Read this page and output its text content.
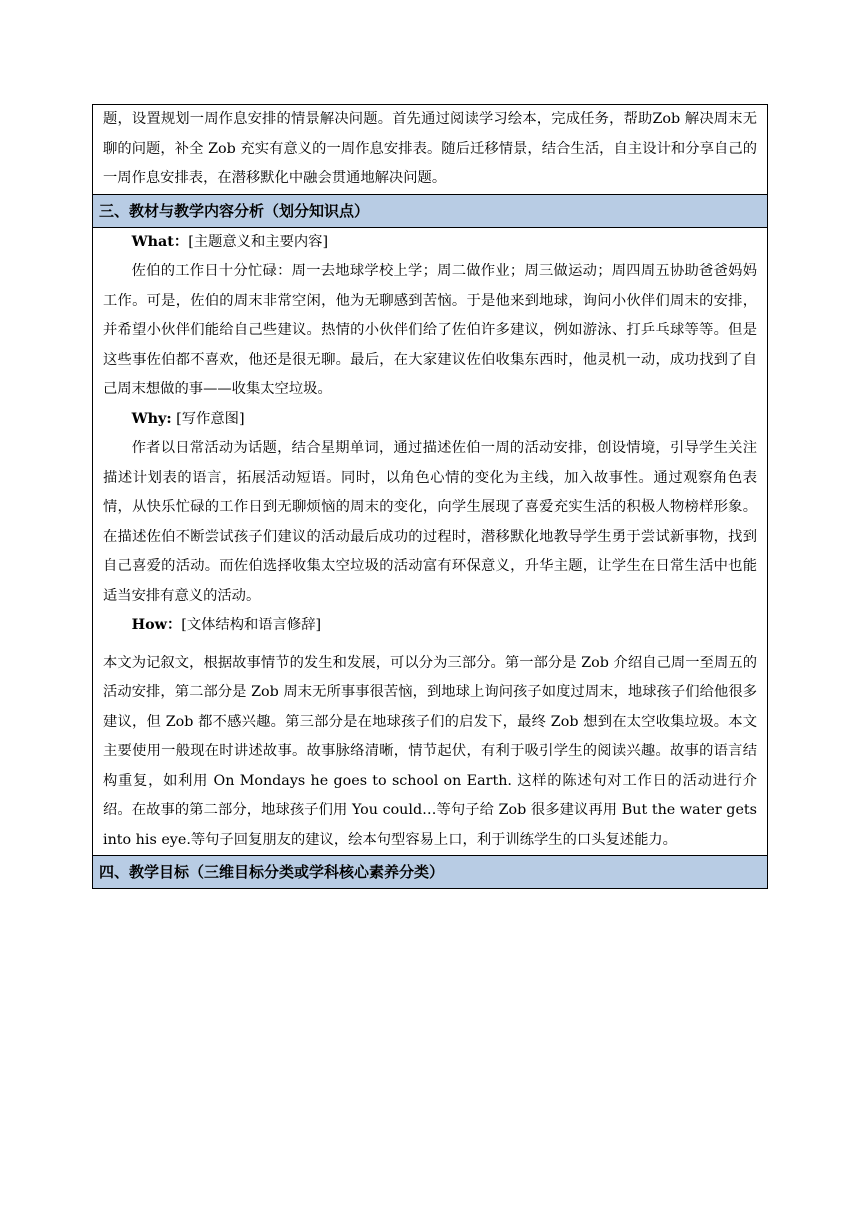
题，设置规划一周作息安排的情景解决问题。首先通过阅读学习绘本，完成任务，帮助Zob 解决周末无聊的问题，补全 Zob 充实有意义的一周作息安排表。随后迁移情景，结合生活，自主设计和分享自己的一周作息安排表，在潜移默化中融会贯通地解决问题。

三、教材与教学内容分析（划分知识点）

What：[主题意义和主要内容]

佐伯的工作日十分忙碌：周一去地球学校上学；周二做作业；周三做运动；周四周五协助爸爸妈妈工作。可是，佐伯的周末非常空闲，他为无聊感到苦恼。于是他来到地球，询问小伙伴们周末的安排，并希望小伙伴们能给自己些建议。热情的小伙伴们给了佐伯许多建议，例如游泳、打乒乓球等等。但是这些事佐伯都不喜欢，他还是很无聊。最后，在大家建议佐伯收集东西时，他灵机一动，成功找到了自己周末想做的事——收集太空垃圾。

Why: [写作意图]

作者以日常活动为话题，结合星期单词，通过描述佐伯一周的活动安排，创设情境，引导学生关注描述计划表的语言，拓展活动短语。同时，以角色心情的变化为主线，加入故事性。通过观察角色表情，从快乐忙碌的工作日到无聊烦恼的周末的变化，向学生展现了喜爱充实生活的积极人物榜样形象。在描述佐伯不断尝试孩子们建议的活动最后成功的过程时，潜移默化地教导学生勇于尝试新事物，找到自己喜爱的活动。而佐伯选择收集太空垃圾的活动富有环保意义，升华主题，让学生在日常生活中也能适当安排有意义的活动。

How：[文体结构和语言修辞]

本文为记叙文，根据故事情节的发生和发展，可以分为三部分。第一部分是 Zob 介绍自己周一至周五的活动安排，第二部分是 Zob 周末无所事事很苦恼，到地球上询问孩子如度过周末，地球孩子们给他很多建议，但 Zob 都不感兴趣。第三部分是在地球孩子们的启发下，最终 Zob 想到在太空收集垃圾。本文主要使用一般现在时讲述故事。故事脉络清晰，情节起伏，有利于吸引学生的阅读兴趣。故事的语言结构重复，如利用 On Mondays he goes to school on Earth. 这样的陈述句对工作日的活动进行介绍。在故事的第二部分，地球孩子们用 You could…等句子给 Zob 很多建议再用 But the water gets into his eye.等句子回复朋友的建议，绘本句型容易上口，利于训练学生的口头复述能力。

四、教学目标（三维目标分类或学科核心素养分类）
